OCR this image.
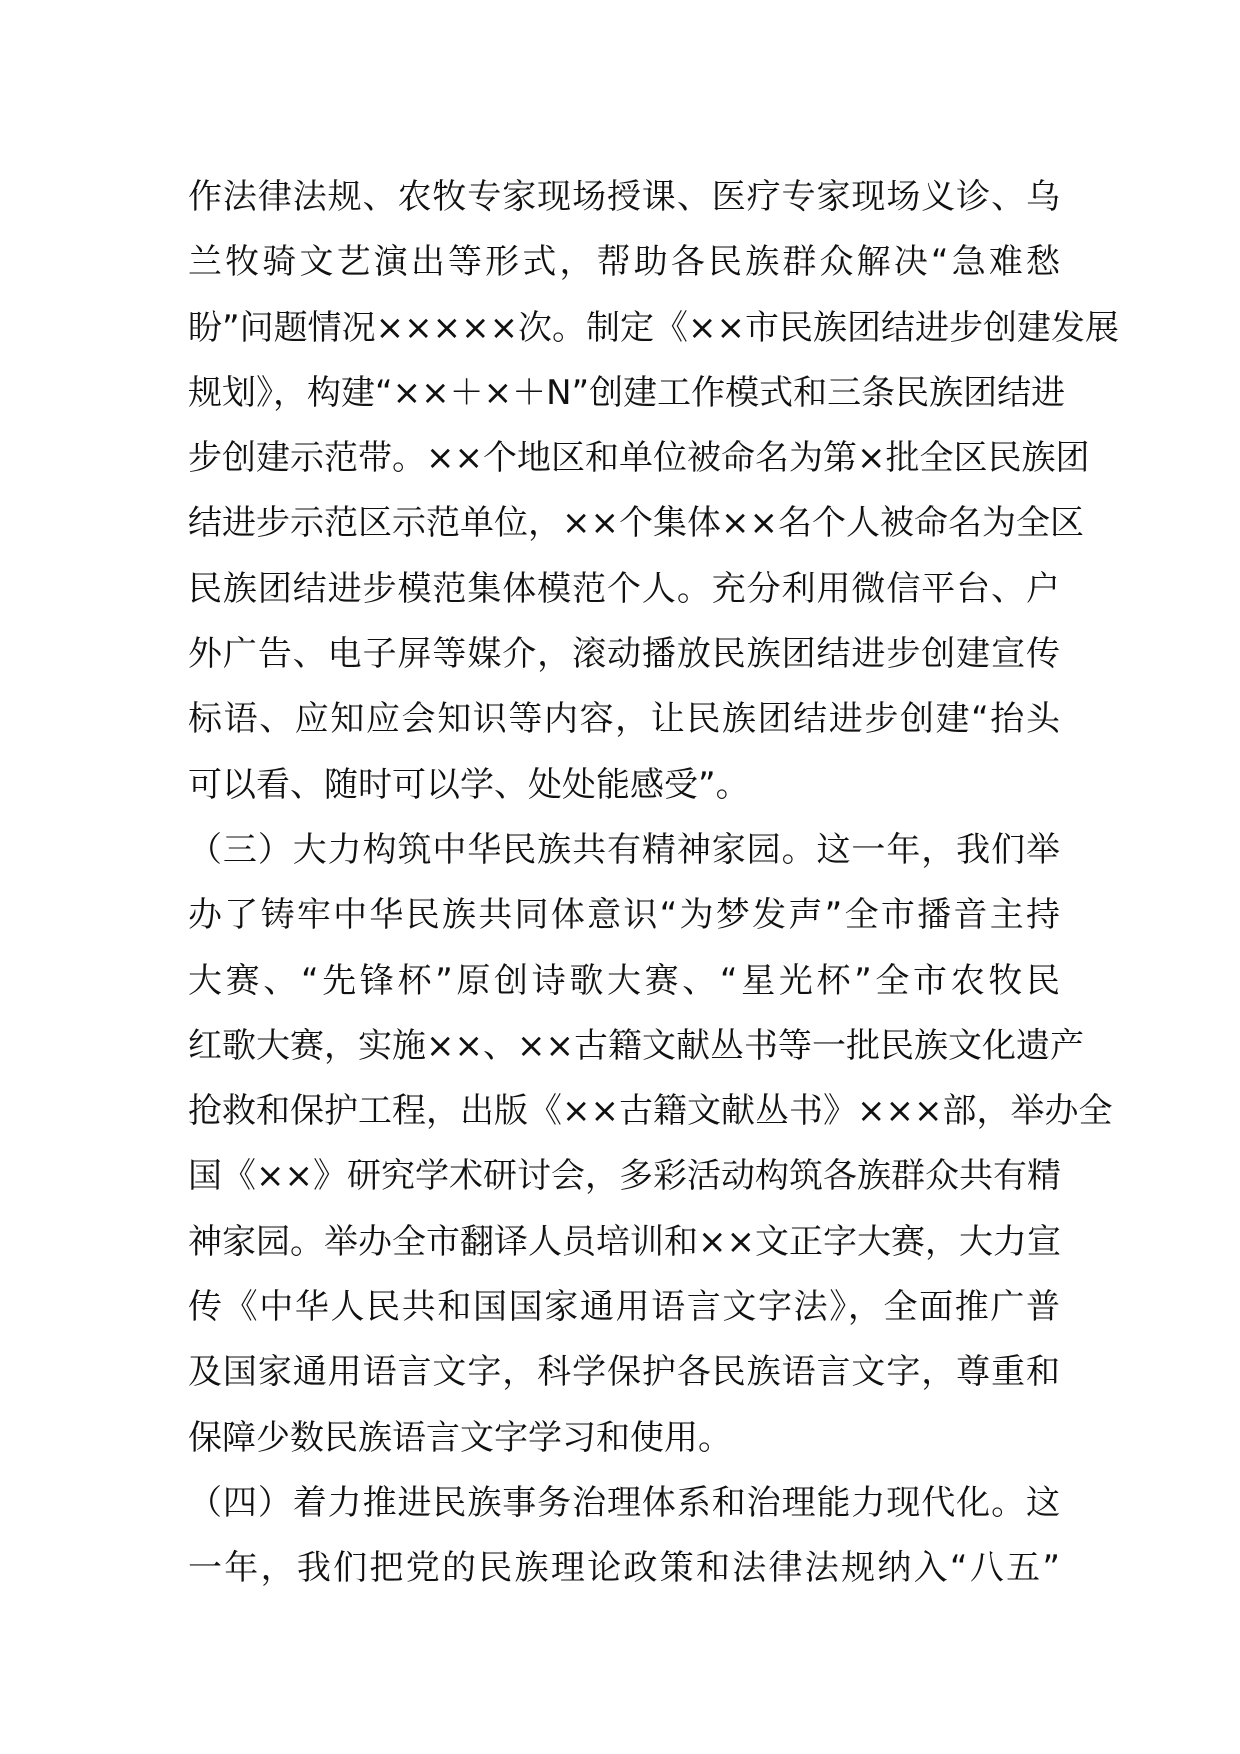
作法律法规、农牧专家现场授课、医疗专家现场义诊、乌
兰牧骑文艺演出等形式，帮助各民族群众解决“急难愁
盼”问题情况×××××次。制定《××市民族团结进步创建发展
规划》，构建“××＋×＋N”创建工作模式和三条民族团结进
步创建示范带。××个地区和单位被命名为第×批全区民族团
结进步示范区示范单位，××个集体××名个人被命名为全区
民族团结进步模范集体模范个人。充分利用微信平台、户
外广告、电子屏等媒介，滚动播放民族团结进步创建宣传
标语、应知应会知识等内容，让民族团结进步创建“抬头
可以看、随时可以学、处处能感受”。
（三）大力构筑中华民族共有精神家园。这一年，我们举
办了铸牢中华民族共同体意识“为梦发声”全市播音主持
大赛、“先锋杯”原创诗歌大赛、“星光杯”全市农牧民
红歌大赛，实施××、××古籍文献丛书等一批民族文化遗产
抢救和保护工程，出版《××古籍文献丛书》×××部，举办全
国《××》研究学术研讨会，多彩活动构筑各族群众共有精
神家园。举办全市翻译人员培训和××文正字大赛，大力宣
传《中华人民共和国国家通用语言文字法》，全面推广普
及国家通用语言文字，科学保护各民族语言文字，尊重和
保障少数民族语言文字学习和使用。
（四）着力推进民族事务治理体系和治理能力现代化。这
一年，我们把党的民族理论政策和法律法规纳入“八五”
